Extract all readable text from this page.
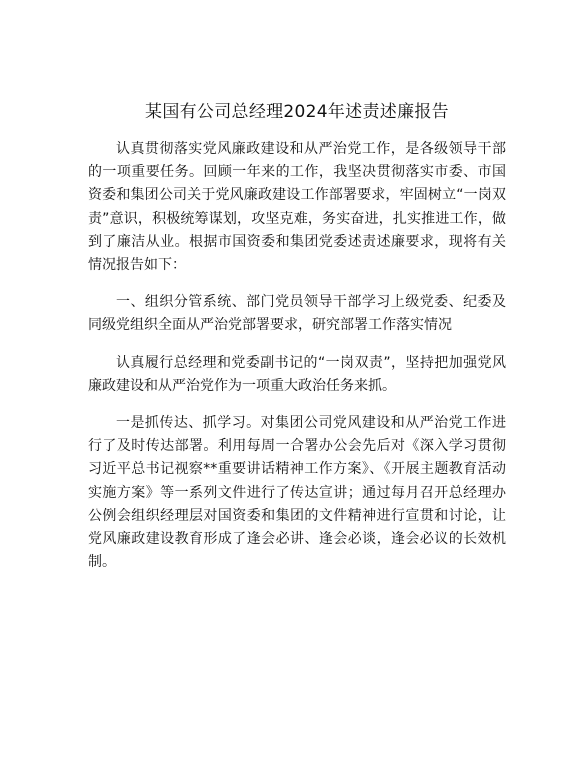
某国有公司总经理2024年述责述廉报告

认真贯彻落实党风廉政建设和从严治党工作，是各级领导干部的一项重要任务。回顾一年来的工作，我坚决贯彻落实市委、市国资委和集团公司关于党风廉政建设工作部署要求，牢固树立“一岗双责”意识，积极统筹谋划，攻坚克难，务实奋进，扎实推进工作，做到了廉洁从业。根据市国资委和集团党委述责述廉要求，现将有关情况报告如下：

一、组织分管系统、部门党员领导干部学习上级党委、纪委及同级党组织全面从严治党部署要求，研究部署工作落实情况

认真履行总经理和党委副书记的“一岗双责”，坚持把加强党风廉政建设和从严治党作为一项重大政治任务来抓。

一是抓传达、抓学习。对集团公司党风建设和从严治党工作进行了及时传达部署。利用每周一合署办公会先后对《深入学习贯彻习近平总书记视察**重要讲话精神工作方案》、《开展主题教育活动实施方案》等一系列文件进行了传达宣讲；通过每月召开总经理办公例会组织经理层对国资委和集团的文件精神进行宣贯和讨论，让党风廉政建设教育形成了逢会必讲、逢会必谈，逢会必议的长效机制。
